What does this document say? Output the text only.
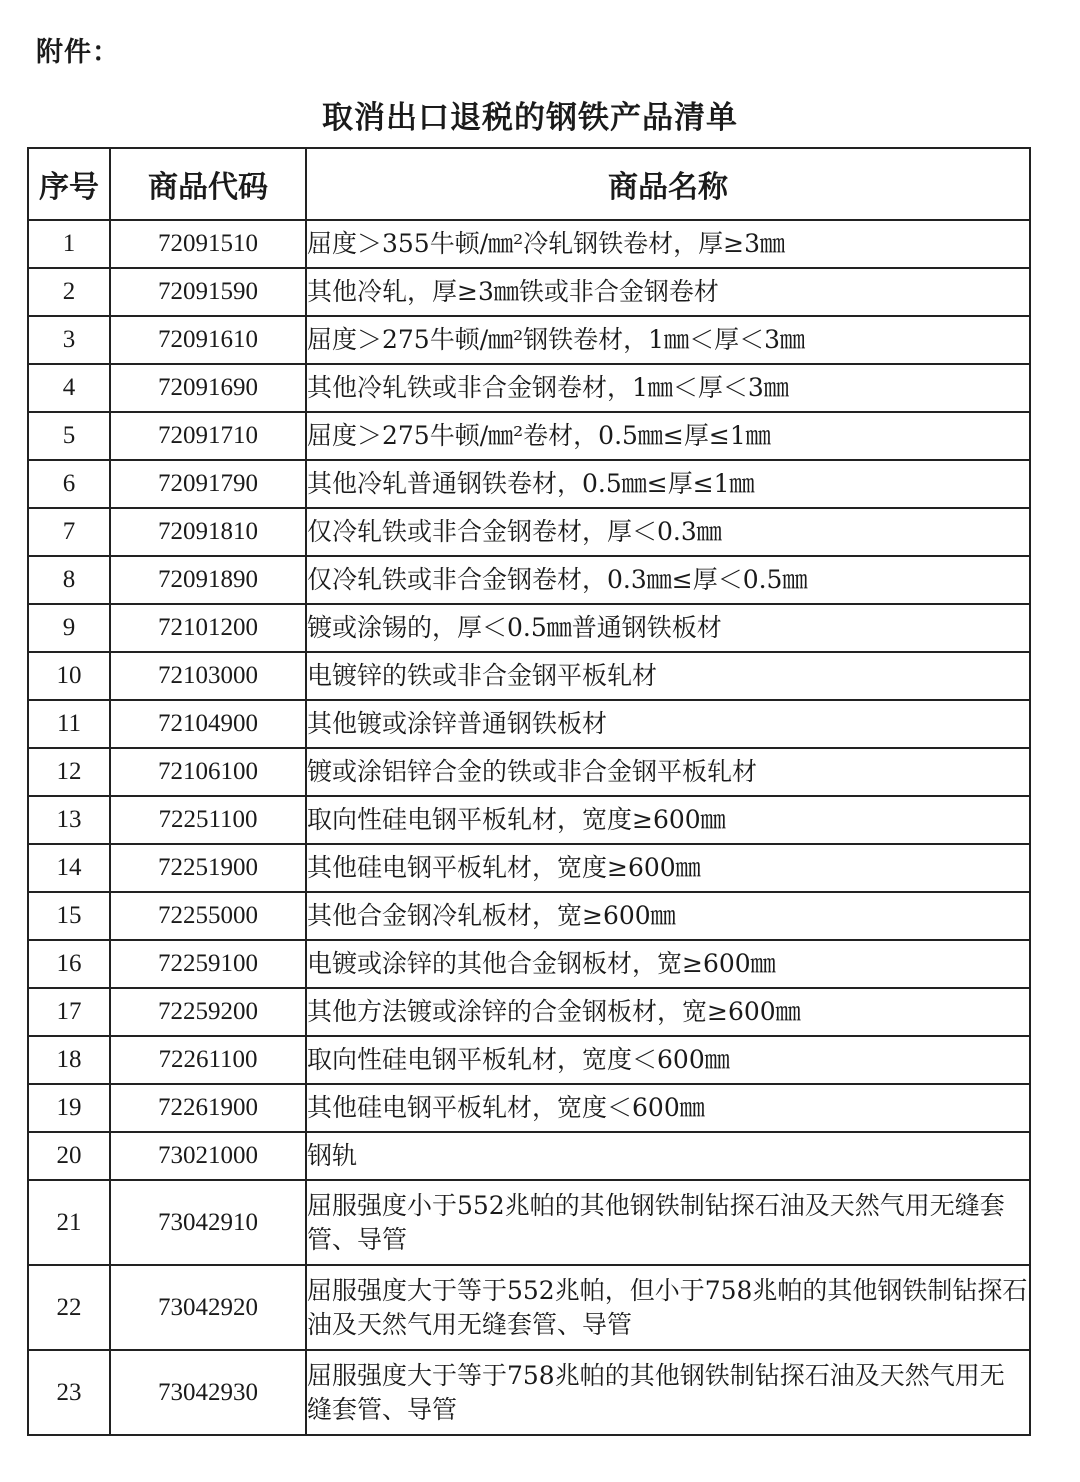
附件：
取消出口退税的钢铁产品清单
序号	商品代码	商品名称
1	72091510	屈度＞355牛顿/㎜²冷轧钢铁卷材，厚≥3㎜
2	72091590	其他冷轧，厚≥3㎜铁或非合金钢卷材
3	72091610	屈度＞275牛顿/㎜²钢铁卷材，1㎜＜厚＜3㎜
4	72091690	其他冷轧铁或非合金钢卷材，1㎜＜厚＜3㎜
5	72091710	屈度＞275牛顿/㎜²卷材，0.5㎜≤厚≤1㎜
6	72091790	其他冷轧普通钢铁卷材，0.5㎜≤厚≤1㎜
7	72091810	仅冷轧铁或非合金钢卷材，厚＜0.3㎜
8	72091890	仅冷轧铁或非合金钢卷材，0.3㎜≤厚＜0.5㎜
9	72101200	镀或涂锡的，厚＜0.5㎜普通钢铁板材
10	72103000	电镀锌的铁或非合金钢平板轧材
11	72104900	其他镀或涂锌普通钢铁板材
12	72106100	镀或涂铝锌合金的铁或非合金钢平板轧材
13	72251100	取向性硅电钢平板轧材，宽度≥600㎜
14	72251900	其他硅电钢平板轧材，宽度≥600㎜
15	72255000	其他合金钢冷轧板材，宽≥600㎜
16	72259100	电镀或涂锌的其他合金钢板材，宽≥600㎜
17	72259200	其他方法镀或涂锌的合金钢板材，宽≥600㎜
18	72261100	取向性硅电钢平板轧材，宽度＜600㎜
19	72261900	其他硅电钢平板轧材，宽度＜600㎜
20	73021000	钢轨
21	73042910	屈服强度小于552兆帕的其他钢铁制钻探石油及天然气用无缝套管、导管
22	73042920	屈服强度大于等于552兆帕，但小于758兆帕的其他钢铁制钻探石油及天然气用无缝套管、导管
23	73042930	屈服强度大于等于758兆帕的其他钢铁制钻探石油及天然气用无缝套管、导管
